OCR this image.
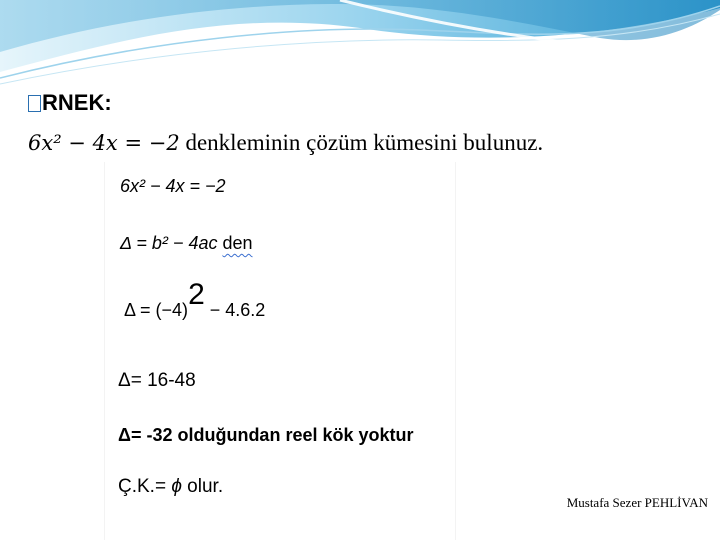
RNEK:
6x² − 4x = −2 denkleminin çözüm kümesini bulunuz.
6x² − 4x = −2
Δ = b² − 4ac den
Δ = (−4)2 − 4.6.2
Δ= 16-48
Δ= -32 olduğundan reel kök yoktur
Ç.K.= ϕ olur.
Mustafa Sezer PEHLİVAN
